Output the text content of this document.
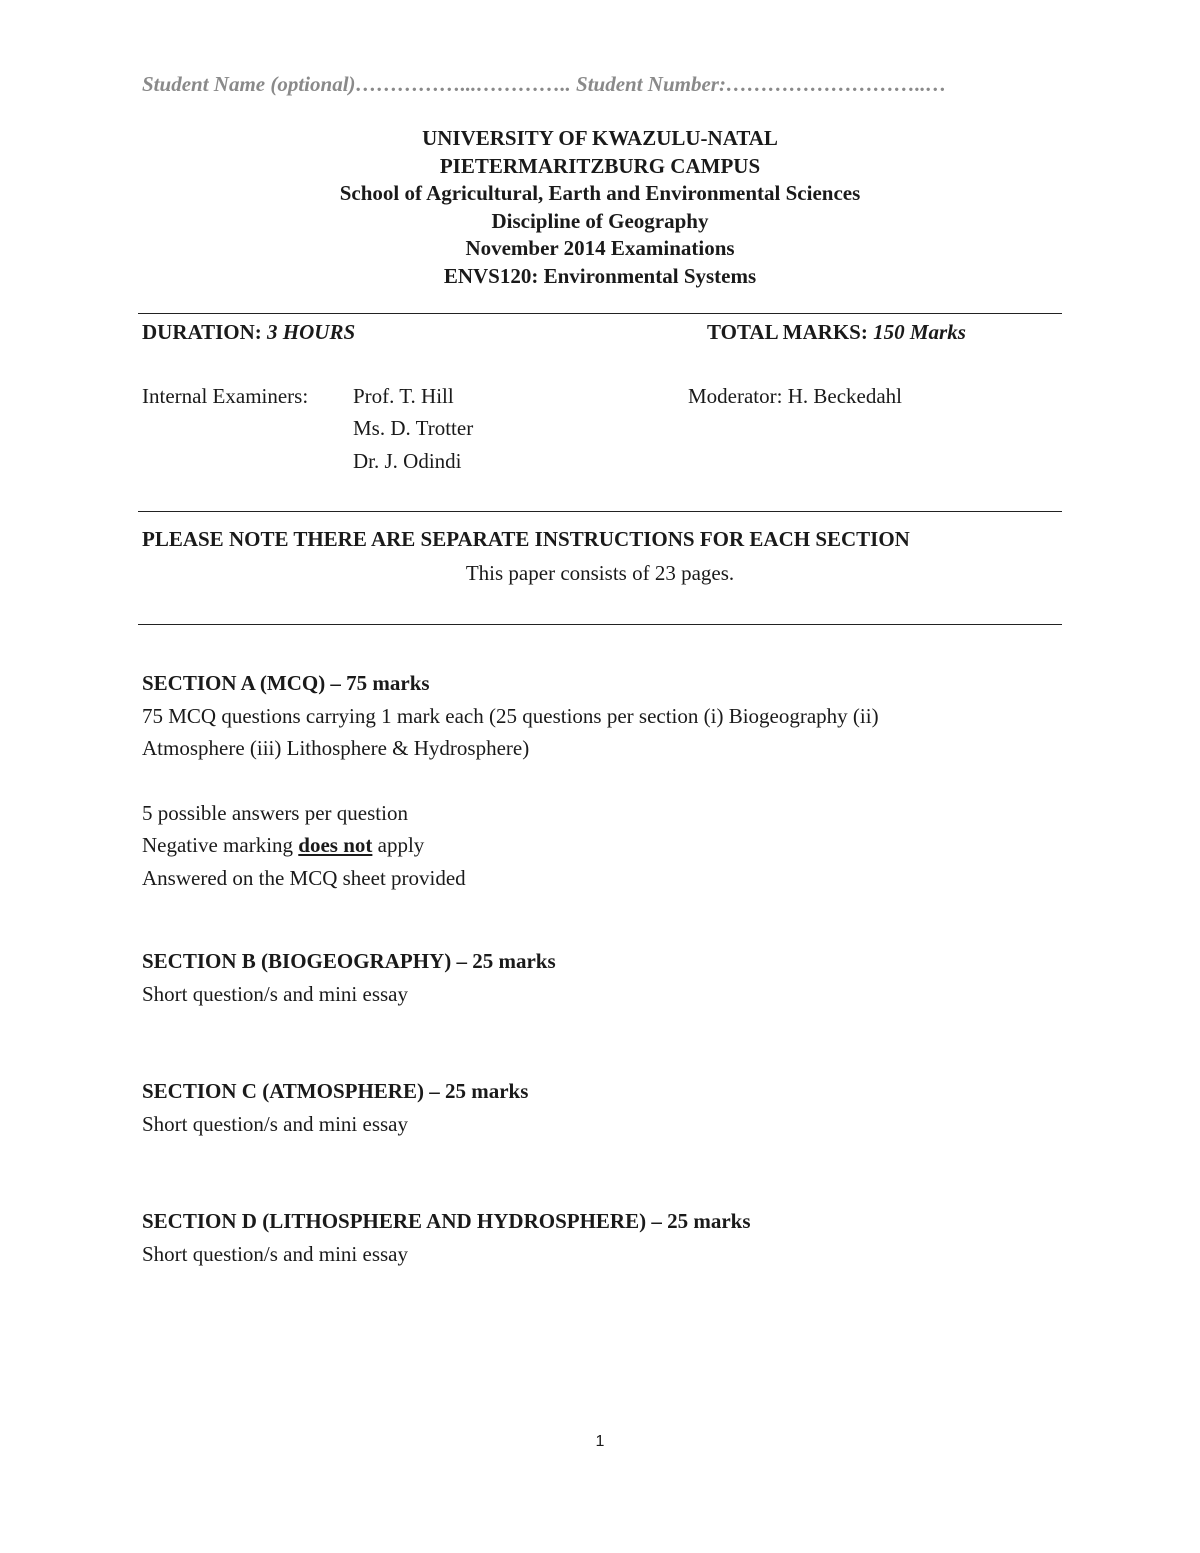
Student Name (optional)……………...………….. Student Number:………………………..…
UNIVERSITY OF KWAZULU-NATAL
PIETERMARITZBURG CAMPUS
School of Agricultural, Earth and Environmental Sciences
Discipline of Geography
November 2014 Examinations
ENVS120: Environmental Systems
DURATION: 3 HOURS	TOTAL MARKS: 150 Marks
Internal Examiners: Prof. T. Hill
Ms. D. Trotter
Dr. J. Odindi
Moderator: H. Beckedahl
PLEASE NOTE THERE ARE SEPARATE INSTRUCTIONS FOR EACH SECTION
This paper consists of 23 pages.
SECTION A (MCQ) – 75 marks
75 MCQ questions carrying 1 mark each (25 questions per section (i) Biogeography (ii)
Atmosphere (iii) Lithosphere & Hydrosphere)
5 possible answers per question
Negative marking does not apply
Answered on the MCQ sheet provided
SECTION B (BIOGEOGRAPHY) – 25 marks
Short question/s and mini essay
SECTION C (ATMOSPHERE) – 25 marks
Short question/s and mini essay
SECTION D (LITHOSPHERE AND HYDROSPHERE) – 25 marks
Short question/s and mini essay
1
